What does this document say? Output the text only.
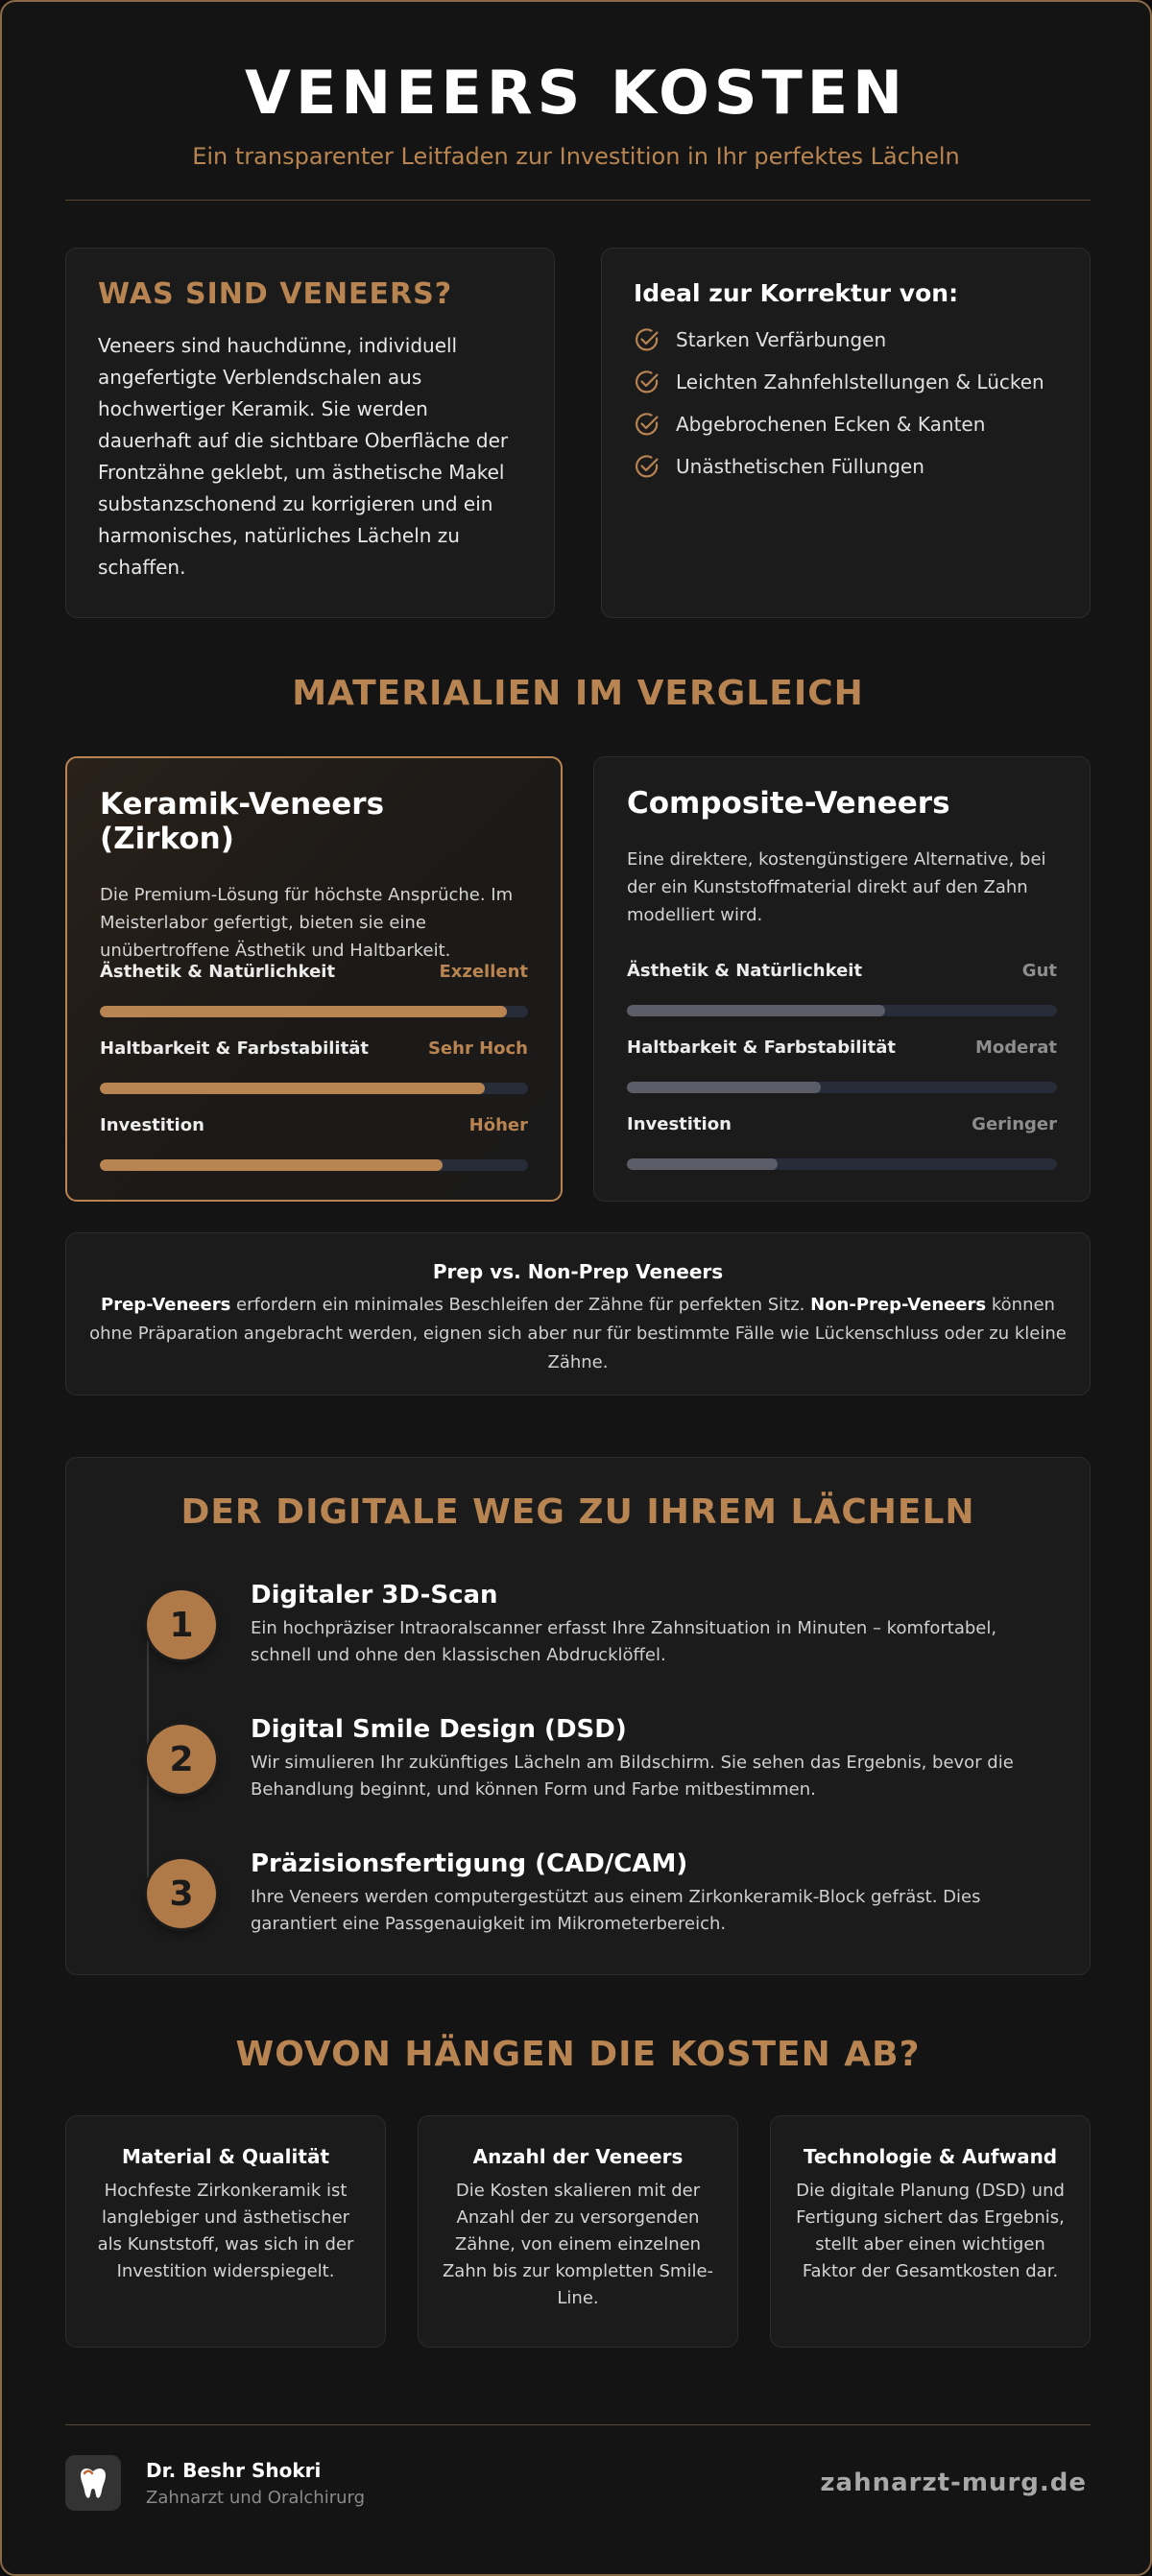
VENEERS KOSTEN
Ein transparenter Leitfaden zur Investition in Ihr perfektes Lächeln
WAS SIND VENEERS?

Veneers sind hauchdünne, individuell angefertigte Verblendschalen aus hochwertiger Keramik. Sie werden dauerhaft auf die sichtbare Oberfläche der Frontzähne geklebt, um ästhetische Makel substanzschonend zu korrigieren und ein harmonisches, natürliches Lächeln zu schaffen.

Ideal zur Korrektur von:
Starken Verfärbungen
Leichten Zahnfehlstellungen & Lücken
Abgebrochenen Ecken & Kanten
Unästhetischen Füllungen
MATERIALIEN IM VERGLEICH
Keramik-Veneers (Zirkon)
Die Premium-Lösung für höchste Ansprüche. Im Meisterlabor gefertigt, bieten sie eine unübertroffene Ästhetik und Haltbarkeit.
Ästhetik & Natürlichkeit	Exzellent
Haltbarkeit & Farbstabilität	Sehr Hoch
Investition	Höher
Composite-Veneers
Eine direktere, kostengünstigere Alternative, bei der ein Kunststoffmaterial direkt auf den Zahn modelliert wird.
Ästhetik & Natürlichkeit	Gut
Haltbarkeit & Farbstabilität	Moderat
Investition	Geringer
Prep vs. Non-Prep Veneers

Prep-Veneers erfordern ein minimales Beschleifen der Zähne für perfekten Sitz. Non-Prep-Veneers können ohne Präparation angebracht werden, eignen sich aber nur für bestimmte Fälle wie Lückenschluss oder zu kleine Zähne.

DER DIGITALE WEG ZU IHREM LÄCHELN
1
Digitaler 3D-Scan

Ein hochpräziser Intraoralscanner erfasst Ihre Zahnsituation in Minuten – komfortabel, schnell und ohne den klassischen Abdrucklöffel.

2
Digital Smile Design (DSD)

Wir simulieren Ihr zukünftiges Lächeln am Bildschirm. Sie sehen das Ergebnis, bevor die Behandlung beginnt, und können Form und Farbe mitbestimmen.

3
Präzisionsfertigung (CAD/CAM)

Ihre Veneers werden computergestützt aus einem Zirkonkeramik-Block gefräst. Dies garantiert eine Passgenauigkeit im Mikrometerbereich.

WOVON HÄNGEN DIE KOSTEN AB?
Material & Qualität

Hochfeste Zirkonkeramik ist langlebiger und ästhetischer als Kunststoff, was sich in der Investition widerspiegelt.

Anzahl der Veneers

Die Kosten skalieren mit der Anzahl der zu versorgenden Zähne, von einem einzelnen Zahn bis zur kompletten Smile-Line.

Technologie & Aufwand

Die digitale Planung (DSD) und Fertigung sichert das Ergebnis, stellt aber einen wichtigen Faktor der Gesamtkosten dar.

Dr. Beshr Shokri
Zahnarzt und Oralchirurg
zahnarzt-murg.de
